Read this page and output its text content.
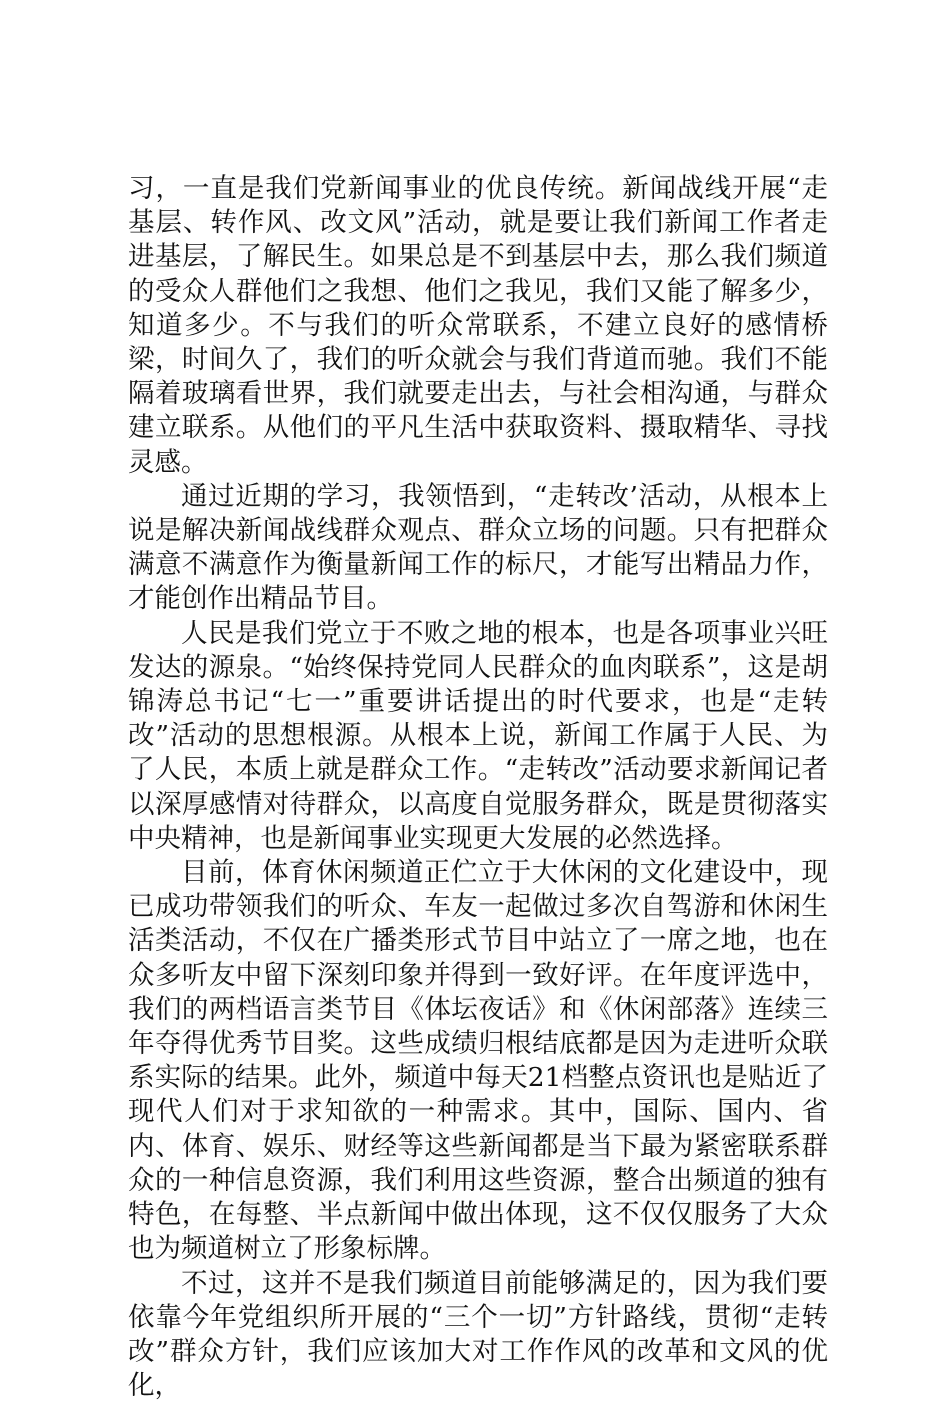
习，一直是我们党新闻事业的优良传统。新闻战线开展“走基层、转作风、改文风”活动，就是要让我们新闻工作者走进基层，了解民生。如果总是不到基层中去，那么我们频道的受众人群他们之我想、他们之我见，我们又能了解多少，知道多少。不与我们的听众常联系，不建立良好的感情桥梁，时间久了，我们的听众就会与我们背道而驰。我们不能隔着玻璃看世界，我们就要走出去，与社会相沟通，与群众建立联系。从他们的平凡生活中获取资料、摄取精华、寻找灵感。

通过近期的学习，我领悟到，“走转改’活动，从根本上说是解决新闻战线群众观点、群众立场的问题。只有把群众满意不满意作为衡量新闻工作的标尺，才能写出精品力作，才能创作出精品节目。

人民是我们党立于不败之地的根本，也是各项事业兴旺发达的源泉。“始终保持党同人民群众的血肉联系”，这是胡锦涛总书记“七一”重要讲话提出的时代要求，也是“走转改”活动的思想根源。从根本上说，新闻工作属于人民、为了人民，本质上就是群众工作。“走转改”活动要求新闻记者以深厚感情对待群众，以高度自觉服务群众，既是贯彻落实中央精神，也是新闻事业实现更大发展的必然选择。

目前，体育休闲频道正伫立于大休闲的文化建设中，现已成功带领我们的听众、车友一起做过多次自驾游和休闲生活类活动，不仅在广播类形式节目中站立了一席之地，也在众多听友中留下深刻印象并得到一致好评。在年度评选中，我们的两档语言类节目《体坛夜话》和《休闲部落》连续三年夺得优秀节目奖。这些成绩归根结底都是因为走进听众联系实际的结果。此外，频道中每天21档整点资讯也是贴近了现代人们对于求知欲的一种需求。其中，国际、国内、省内、体育、娱乐、财经等这些新闻都是当下最为紧密联系群众的一种信息资源，我们利用这些资源，整合出频道的独有特色，在每整、半点新闻中做出体现，这不仅仅服务了大众也为频道树立了形象标牌。

不过，这并不是我们频道目前能够满足的，因为我们要依靠今年党组织所开展的“三个一切”方针路线，贯彻“走转改”群众方针，我们应该加大对工作作风的改革和文风的优化，
